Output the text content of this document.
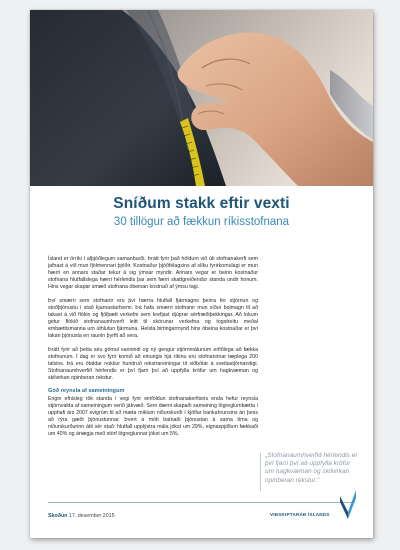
Sníðum stakk eftir vexti
30 tillögur að fækkun ríkisstofnana

Ísland er örríki í alþjóðlegum samanburði. Þrátt fyrir það höldum við úti stofnanakerfi sem jafnast á við mun fjölmennari þjóðir. Kostnaður þjóðfélagsins af slíku fyrirkomulagi er mun hærri en annars staðar tekur á sig ýmsar myndir. Annars vegar er beinn kostnaður stofnana hlutfallslega hærri hérlendis þar sem færri skattgreiðendur standa undir honum. Hins vegar skapar smæð stofnana óbeinan kostnað af ýmsu tagi.

Því smærri sem stofnanir eru því hærra hlutfall fjármagns þeirra fer stjórnun og stoðþjónustu í stað kjarnastarfsemi. Þá hafa smærri stofnanir mun síður bolmagn til að takast á við flókin og fjölþætt verkefni sem krefjast djúprar sérfræðiþekkingar. Að lokum getur flókið stofnanaumhverfi leitt til skörunar verkefna og togstreitu meðal embættismanna um úthlutun fjármuna. Helsta birtingarmynd hins óbeina kostnaðar er því lakari þjónusta en raunin þyrfti að vera.

Þrátt fyrir að þetta séu gömul sannindi og ný gengur stjórnmálunum erfiðlega að fækka stofnunum. Í dag er svo fyrir komið að einungis hjá ríkinu eru stofnanirnar tæplega 200 talsins. Þá eru ótaldar nokkur hundruð rekstrareiningar til viðbótar á sveitastjórnarstigi. Stofnanaumhverfið hérlendis er því fjarri því að uppfylla kröfur um hagkvæman og skilvirkan opinberan rekstur.

Góð reynsla af sameiningum

Engin efnisleg rök standa í vegi fyrir einföldun stofnanakerfisins enda hefur reynsla stjórnvalda af sameiningum verið jákvæð. Sem dæmi skapaði sameining lögreglumbætta í upphafi árs 2007 svigrúm til að mæta miklum niðurskurði í kjölfar bankahrunsins án þess að rýra gæði þjónustunnar. Þvert á móti batnaði þjónustan á sama tíma og niðurskurðurinn átti sér stað: hlutfall upplýstra mála jókst um 29%, eignaspjöllum fækkaði um 40% og ánægja með störf lögreglunnar jókst um 5%.

„Stofnanaumhverfið hérlendis er því fjarri því að uppfylla kröfur um hagkvæman og skilvirkan opinberan rekstur.“
Skoðun 17. desember 2015	VIÐSKIPTARÁÐ ÍSLANDS
